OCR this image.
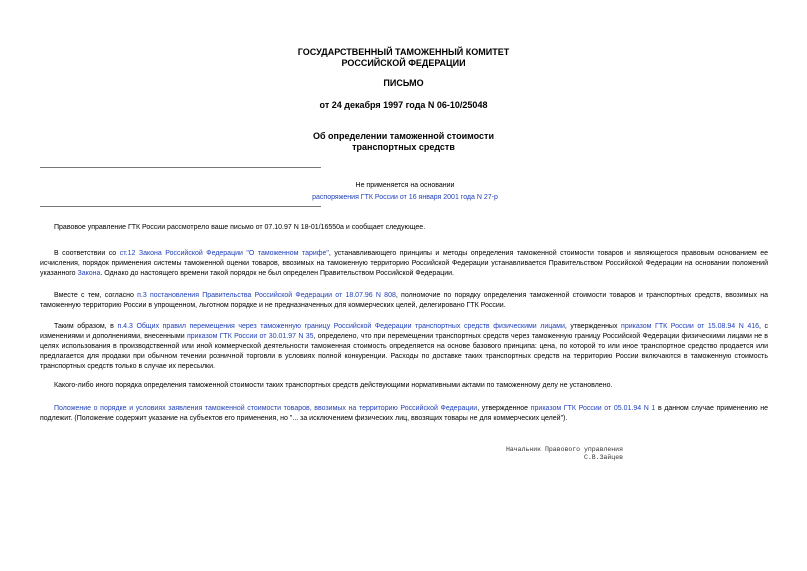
ГОСУДАРСТВЕННЫЙ ТАМОЖЕННЫЙ КОМИТЕТ
РОССИЙСКОЙ ФЕДЕРАЦИИ
ПИСЬМО
от 24 декабря 1997 года N 06-10/25048
Об определении таможенной стоимости
транспортных средств
Не применяется на основании
распоряжения ГТК России от 16 января 2001 года N 27-р

Правовое управление ГТК России рассмотрело ваше письмо от 07.10.97 N 18-01/16550а и сообщает следующее.

В соответствии со ст.12 Закона Российской Федерации "О таможенном тарифе", устанавливающего принципы и методы определения таможенной стоимости товаров и являющегося правовым основанием ее исчисления, порядок применения системы таможенной оценки товаров, ввозимых на таможенную территорию Российской Федерации устанавливается Правительством Российской Федерации на основании положений указанного Закона. Однако до настоящего времени такой порядок не был определен Правительством Российской Федерации.

Вместе с тем, согласно п.3 постановления Правительства Российской Федерации от 18.07.96 N 808, полномочие по порядку определения таможенной стоимости товаров и транспортных средств, ввозимых на таможенную территорию России в упрощенном, льготном порядке и не предназначенных для коммерческих целей, делегировано ГТК России.

Таким образом, в п.4.3 Общих правил перемещения через таможенную границу Российской Федерации транспортных средств физическими лицами, утвержденных приказом ГТК России от 15.08.94 N 416, с изменениями и дополнениями, внесенными приказом ГТК России от 30.01.97 N 35, определено, что при перемещении транспортных средств через таможенную границу Российской Федерации физическими лицами не в целях использования в производственной или иной коммерческой деятельности таможенная стоимость определяется на основе базового принципа: цена, по которой то или иное транспортное средство продается или предлагается для продажи при обычном течении розничной торговли в условиях полной конкуренции. Расходы по доставке таких транспортных средств на территорию России включаются в таможенную стоимость транспортных средств только в случае их пересылки.

Какого-либо иного порядка определения таможенной стоимости таких транспортных средств действующими нормативными актами по таможенному делу не установлено.

Положение о порядке и условиях заявления таможенной стоимости товаров, ввозимых на территорию Российской Федерации, утвержденное приказом ГТК России от 05.01.94 N 1 в данном случае применению не подлежит. (Положение содержит указание на субъектов его применения, но "... за исключением физических лиц, ввозящих товары не для коммерческих целей").

Начальник Правового управления
С.В.Зайцев
